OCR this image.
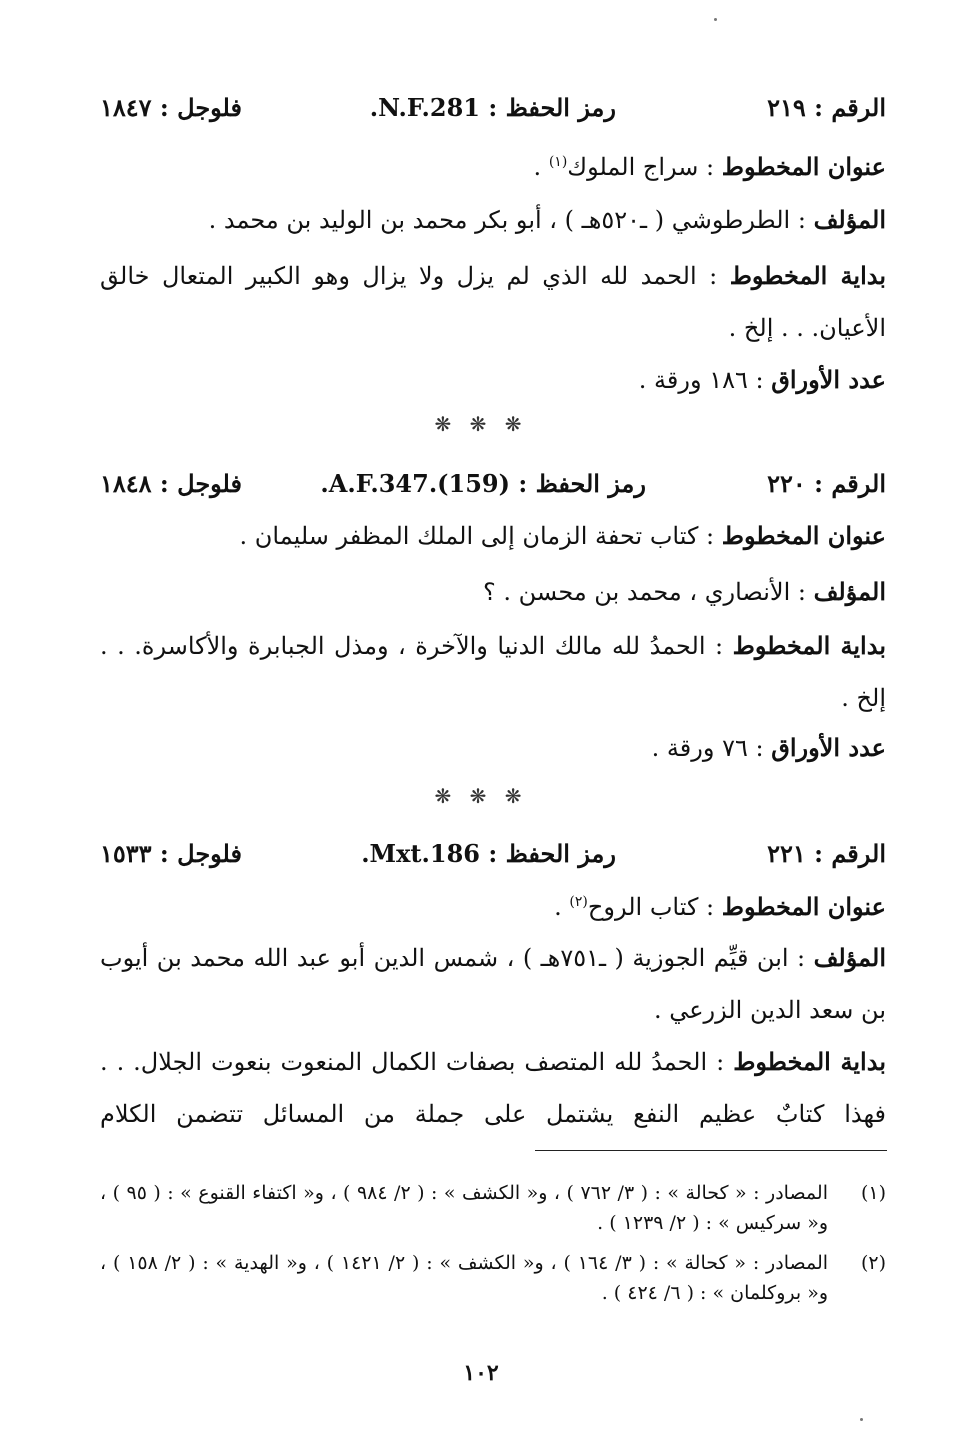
الرقم : ٢١٩
رمز الحفظ : .N.F.281
فلوجل : ١٨٤٧
عنوان المخطوط : سراج الملوك$^{(١)}$ .
المؤلف : الطرطوشي ( ـ٥٢٠هـ ) ، أبو بكر محمد بن الوليد بن محمد .
بداية المخطوط : الحمد لله الذي لم يزل ولا يزال وهو الكبير المتعال خالق الأعيان. . . إلخ .
عدد الأوراق : ١٨٦ ورقة .
❋ ❋ ❋
الرقم : ٢٢٠
رمز الحفظ : .A.F.347.(159)
فلوجل : ١٨٤٨
عنوان المخطوط : كتاب تحفة الزمان إلى الملك المظفر سليمان .
المؤلف : الأنصاري ، محمد بن محسن . ؟
بداية المخطوط : الحمدُ لله مالك الدنيا والآخرة ، ومذل الجبابرة والأكاسرة. . . إلخ .
عدد الأوراق : ٧٦ ورقة .
❋ ❋ ❋
الرقم : ٢٢١
رمز الحفظ : .Mxt.186
فلوجل : ١٥٣٣
عنوان المخطوط : كتاب الروح$^{(٢)}$ .
المؤلف : ابن قيِّم الجوزية ( ـ٧٥١هـ ) ، شمس الدين أبو عبد الله محمد بن أيوب بن سعد الدين الزرعي .
بداية المخطوط : الحمدُ لله المتصف بصفات الكمال المنعوت بنعوت الجلال. . . فهذا كتابٌ عظيم النفع يشتمل على جملة من المسائل تتضمن الكلام
(١)
المصادر : « كحالة » : ( ٣/ ٧٦٢ ) ، و« الكشف » : ( ٢/ ٩٨٤ ) ، و« اكتفاء القنوع » : ( ٩٥ ) ، و« سركيس » : ( ٢/ ١٢٣٩ ) .
(٢)
المصادر : « كحالة » : ( ٣/ ١٦٤ ) ، و« الكشف » : ( ٢/ ١٤٢١ ) ، و« الهدية » : ( ٢/ ١٥٨ ) ، و« بروكلمان » : ( ٦/ ٤٢٤ ) .
١٠٢
